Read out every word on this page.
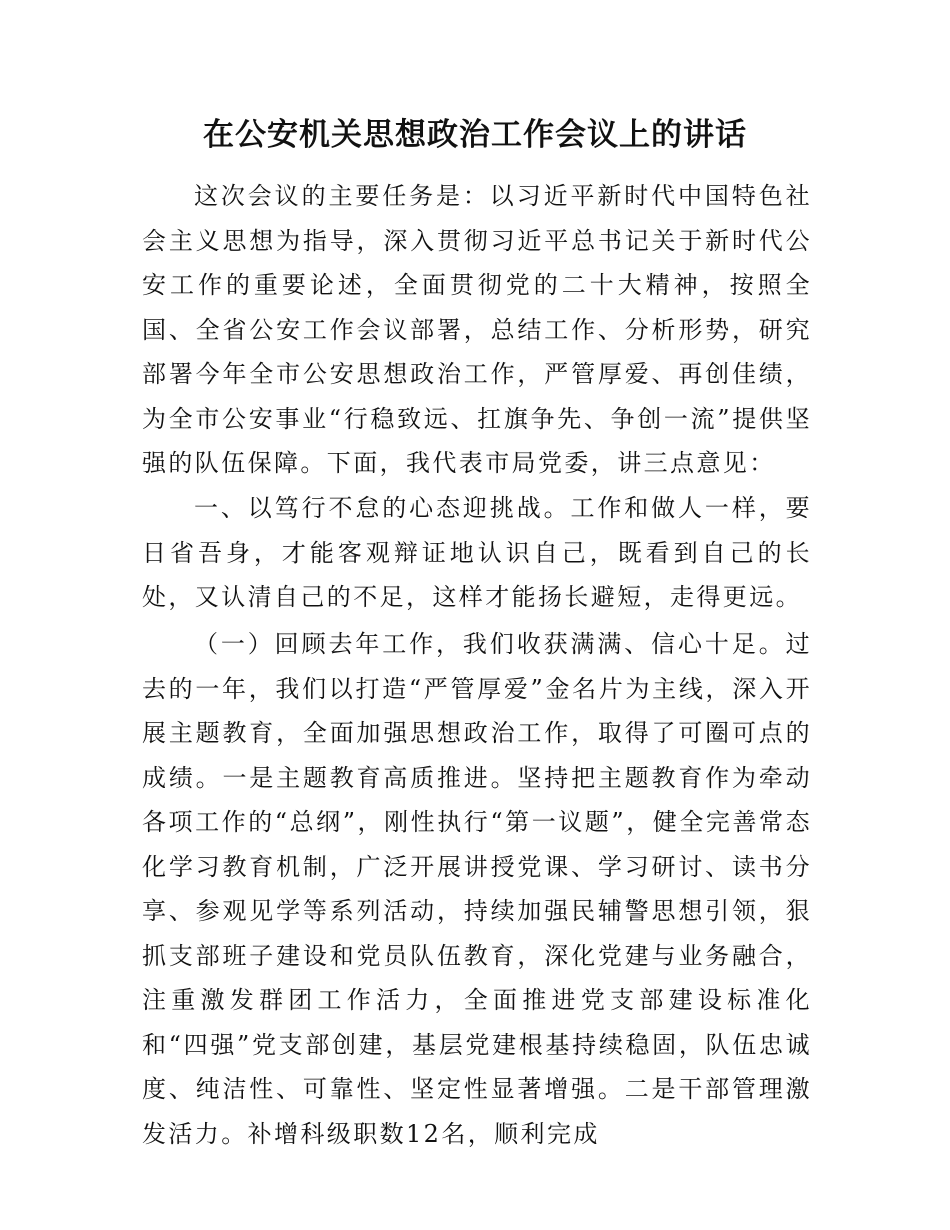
在公安机关思想政治工作会议上的讲话

这次会议的主要任务是：以习近平新时代中国特色社会主义思想为指导，深入贯彻习近平总书记关于新时代公安工作的重要论述，全面贯彻党的二十大精神，按照全国、全省公安工作会议部署，总结工作、分析形势，研究部署今年全市公安思想政治工作，严管厚爱、再创佳绩，为全市公安事业“行稳致远、扛旗争先、争创一流”提供坚强的队伍保障。下面，我代表市局党委，讲三点意见：

一、以笃行不怠的心态迎挑战。工作和做人一样，要日省吾身，才能客观辩证地认识自己，既看到自己的长处，又认清自己的不足，这样才能扬长避短，走得更远。

（一）回顾去年工作，我们收获满满、信心十足。过去的一年，我们以打造“严管厚爱”金名片为主线，深入开展主题教育，全面加强思想政治工作，取得了可圈可点的成绩。一是主题教育高质推进。坚持把主题教育作为牵动各项工作的“总纲”，刚性执行“第一议题”，健全完善常态化学习教育机制，广泛开展讲授党课、学习研讨、读书分享、参观见学等系列活动，持续加强民辅警思想引领，狠抓支部班子建设和党员队伍教育，深化党建与业务融合，注重激发群团工作活力，全面推进党支部建设标准化和“四强”党支部创建，基层党建根基持续稳固，队伍忠诚度、纯洁性、可靠性、坚定性显著增强。二是干部管理激发活力。补增科级职数12名，顺利完成
